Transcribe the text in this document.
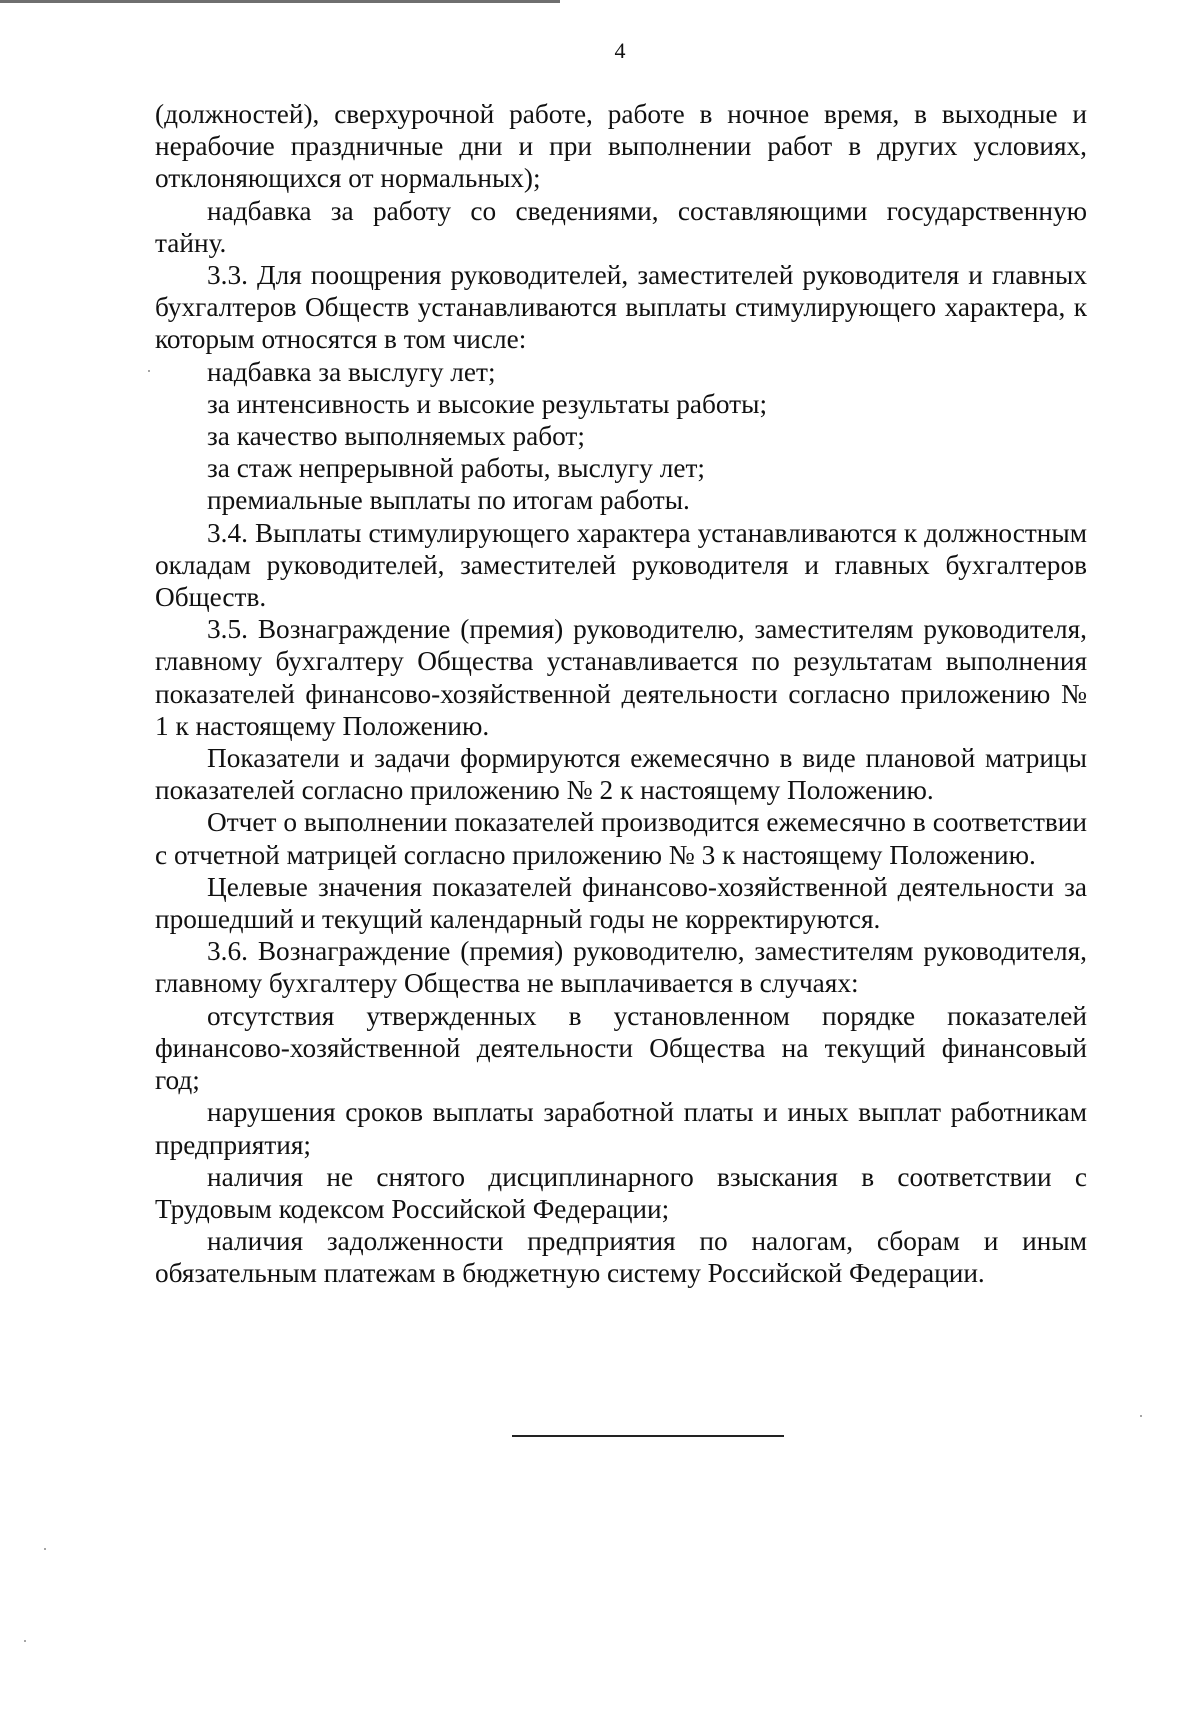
4

(должностей), сверхурочной работе, работе в ночное время, в выходные и нерабочие праздничные дни и при выполнении работ в других условиях, отклоняющихся от нормальных);

надбавка за работу со сведениями, составляющими государственную тайну.

3.3. Для поощрения руководителей, заместителей руководителя и главных бухгалтеров Обществ устанавливаются выплаты стимулирующего характера, к которым относятся в том числе:

надбавка за выслугу лет;

за интенсивность и высокие результаты работы;

за качество выполняемых работ;

за стаж непрерывной работы, выслугу лет;

премиальные выплаты по итогам работы.

3.4. Выплаты стимулирующего характера устанавливаются к должностным окладам руководителей, заместителей руководителя и главных бухгалтеров Обществ.

3.5. Вознаграждение (премия) руководителю, заместителям руководителя, главному бухгалтеру Общества устанавливается по результатам выполнения показателей финансово-хозяйственной деятельности согласно приложению № 1 к настоящему Положению.

Показатели и задачи формируются ежемесячно в виде плановой матрицы показателей согласно приложению № 2 к настоящему Положению.

Отчет о выполнении показателей производится ежемесячно в соответствии с отчетной матрицей согласно приложению № 3 к настоящему Положению.

Целевые значения показателей финансово-хозяйственной деятельности за прошедший и текущий календарный годы не корректируются.

3.6. Вознаграждение (премия) руководителю, заместителям руководителя, главному бухгалтеру Общества не выплачивается в случаях:

отсутствия утвержденных в установленном порядке показателей финансово-хозяйственной деятельности Общества на текущий финансовый год;

нарушения сроков выплаты заработной платы и иных выплат работникам предприятия;

наличия не снятого дисциплинарного взыскания в соответствии с Трудовым кодексом Российской Федерации;

наличия задолженности предприятия по налогам, сборам и иным обязательным платежам в бюджетную систему Российской Федерации.
